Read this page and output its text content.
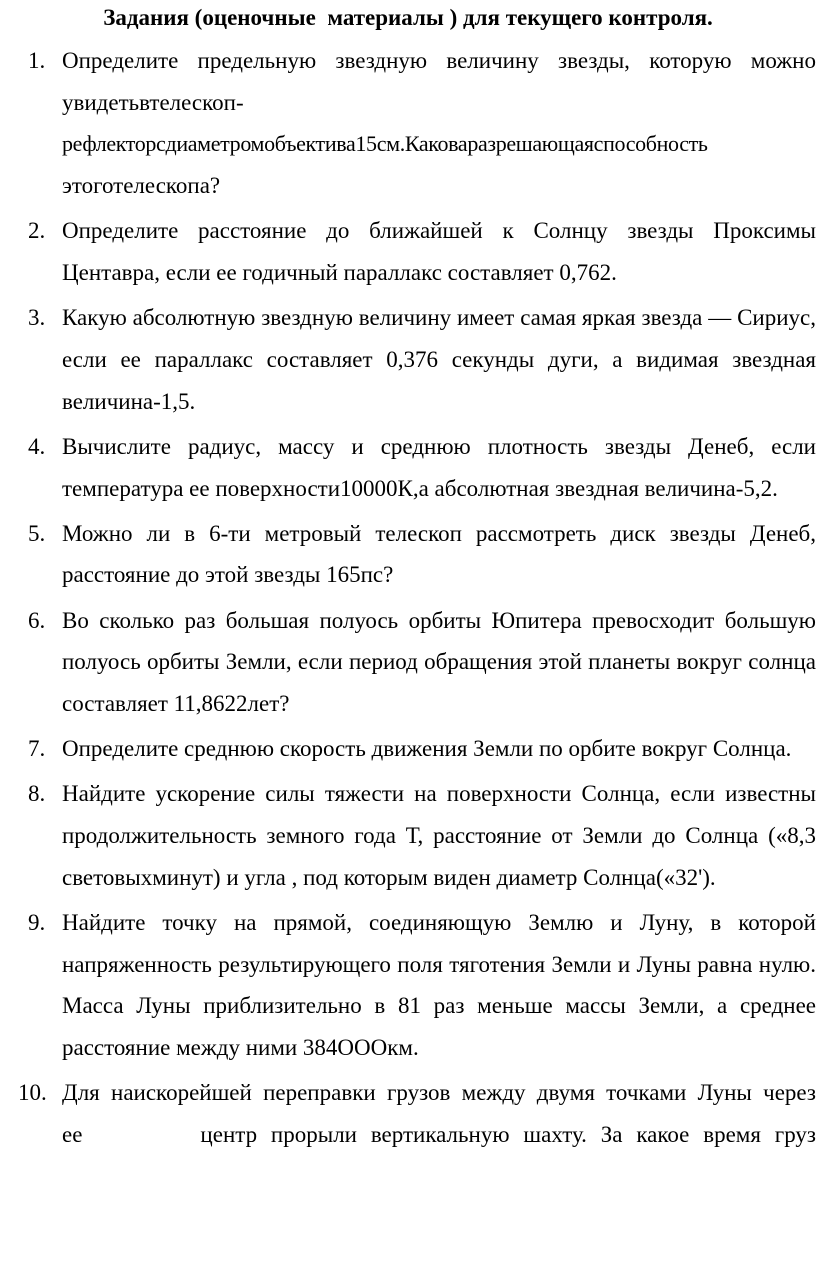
Задания (оценочные  материалы ) для текущего контроля.
1. Определите предельную звездную величину звезды, которую можно
увидетьвтелескоп-
рефлекторсдиаметромобъектива15см.Каковаразрешающаяспособность
этоготелескопа?
2. Определите расстояние до ближайшей к Солнцу звезды Проксимы Центавра, если ее годичный параллакс составляет 0,762.
3. Какую абсолютную звездную величину имеет самая яркая звезда — Сириус, если ее параллакс составляет 0,376 секунды дуги, а видимая звездная величина-1,5.
4. Вычислите радиус, массу и среднюю плотность звезды Денеб, если температура ее поверхности10000К,а абсолютная звездная величина-5,2.
5. Можно ли в 6-ти метровый телескоп рассмотреть диск звезды Денеб, расстояние до этой звезды 165пс?
6. Во сколько раз большая полуось орбиты Юпитера превосходит большую полуось орбиты Земли, если период обращения этой планеты вокруг солнца составляет 11,8622лет?
7. Определите среднюю скорость движения Земли по орбите вокруг Солнца.
8. Найдите ускорение силы тяжести на поверхности Солнца, если известны продолжительность земного года Т, расстояние от Земли до Солнца («8,3 световыхминут) и угла , под которым виден диаметр Солнца(«32').
9. Найдите точку на прямой, соединяющую Землю и Луну, в которой напряженность результирующего поля тяготения Земли и Луны равна нулю. Масса Луны приблизительно в 81 раз меньше массы Земли, а среднее расстояние между ними 384ОООкм.
10. Для наискорейшей переправки грузов между двумя точками Луны через
ее	центр прорыли вертикальную шахту. За какое время груз
